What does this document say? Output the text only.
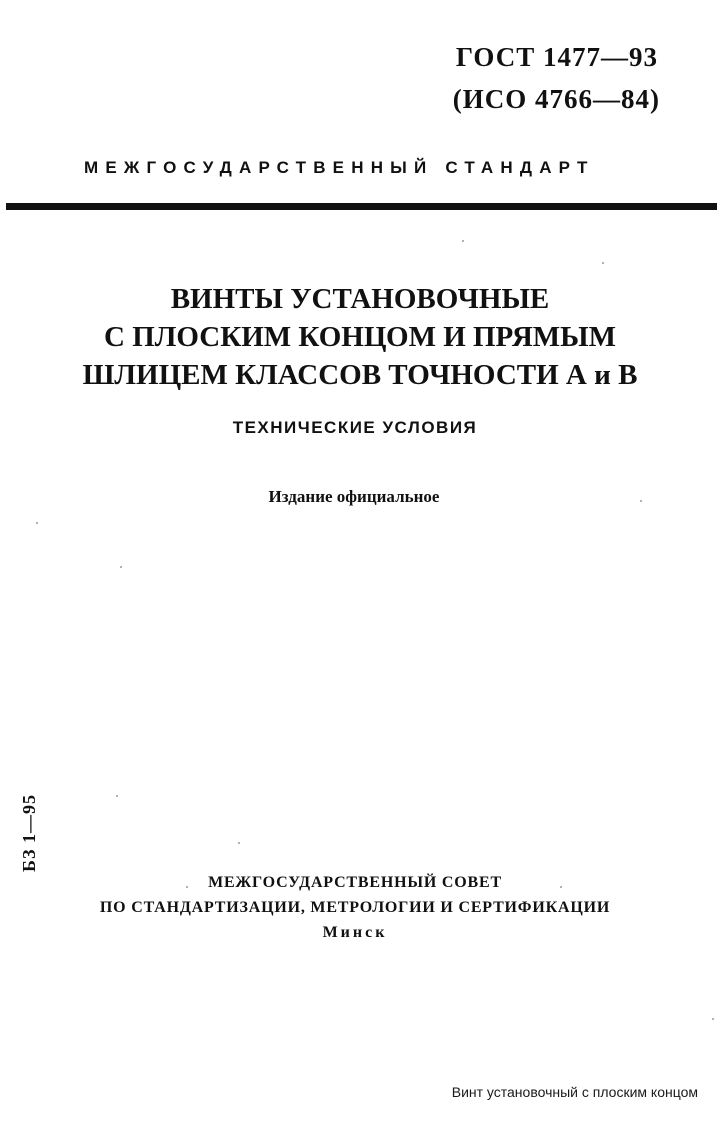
ГОСТ 1477—93
(ИСО 4766—84)
МЕЖГОСУДАРСТВЕННЫЙ СТАНДАРТ
ВИНТЫ УСТАНОВОЧНЫЕ
С ПЛОСКИМ КОНЦОМ И ПРЯМЫМ
ШЛИЦЕМ КЛАССОВ ТОЧНОСТИ А и В
ТЕХНИЧЕСКИЕ УСЛОВИЯ
Издание официальное
БЗ 1—95
МЕЖГОСУДАРСТВЕННЫЙ СОВЕТ
ПО СТАНДАРТИЗАЦИИ, МЕТРОЛОГИИ И СЕРТИФИКАЦИИ
Минск
Винт установочный с плоским концом
